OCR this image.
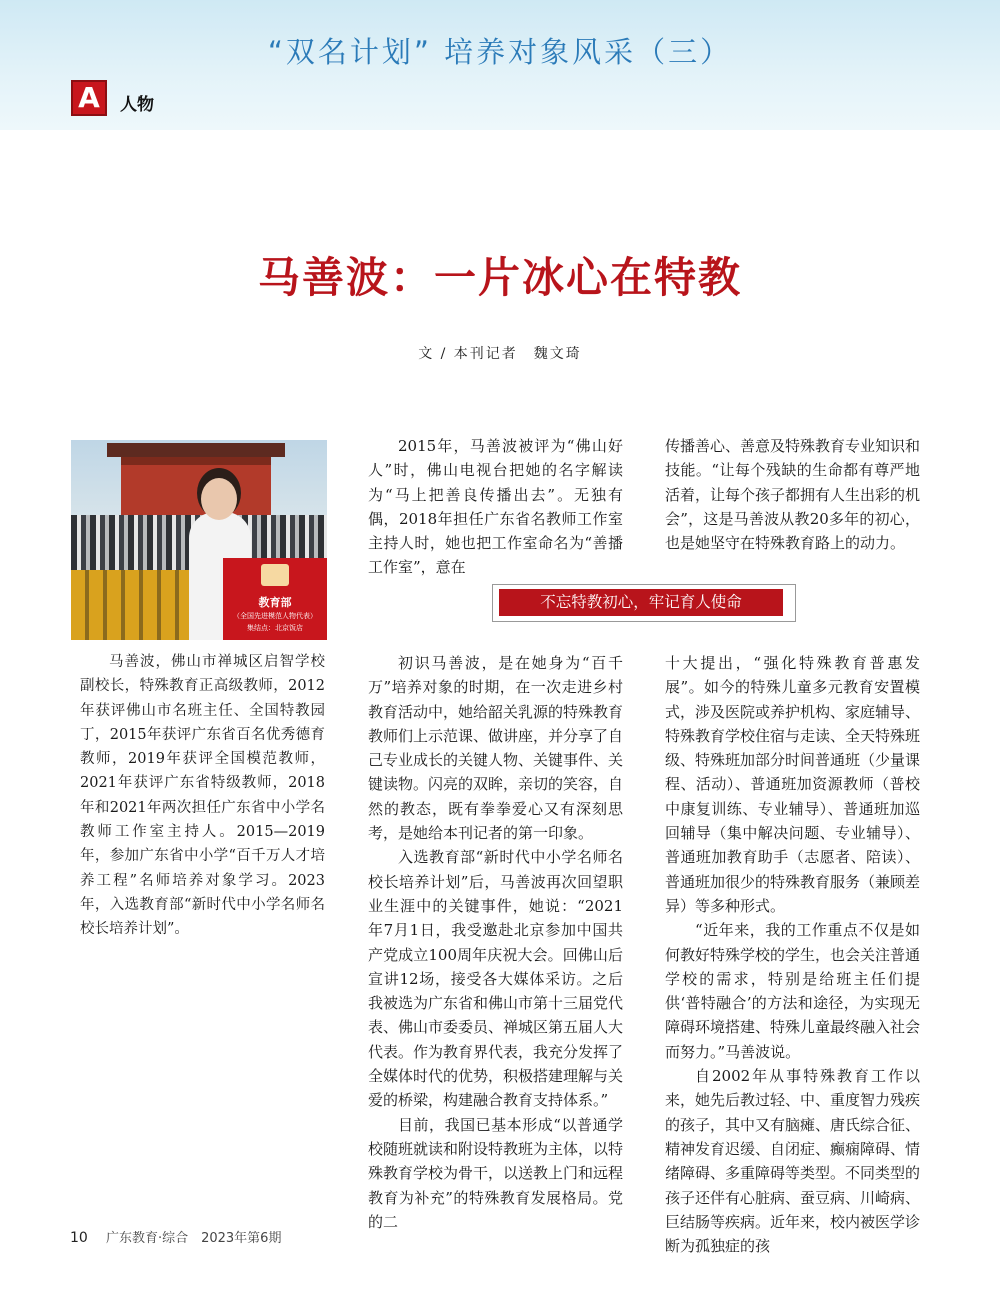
“双名计划” 培养对象风采（三）
A	人物
马善波：一片冰心在特教
文 / 本刊记者　魏文琦
教育部
（全国先进模范人物代表）
集结点：北京饭店

马善波，佛山市禅城区启智学校副校长，特殊教育正高级教师，2012年获评佛山市名班主任、全国特教园丁，2015年获评广东省百名优秀德育教师，2019年获评全国模范教师，2021年获评广东省特级教师，2018年和2021年两次担任广东省中小学名教师工作室主持人。2015—2019年，参加广东省中小学“百千万人才培养工程”名师培养对象学习。2023年，入选教育部“新时代中小学名师名校长培养计划”。

2015年，马善波被评为“佛山好人”时，佛山电视台把她的名字解读为“马上把善良传播出去”。无独有偶，2018年担任广东省名教师工作室主持人时，她也把工作室命名为“善播工作室”，意在

传播善心、善意及特殊教育专业知识和技能。“让每个残缺的生命都有尊严地活着，让每个孩子都拥有人生出彩的机会”，这是马善波从教20多年的初心，也是她坚守在特殊教育路上的动力。

不忘特教初心，牢记育人使命

初识马善波，是在她身为“百千万”培养对象的时期，在一次走进乡村教育活动中，她给韶关乳源的特殊教育教师们上示范课、做讲座，并分享了自己专业成长的关键人物、关键事件、关键读物。闪亮的双眸，亲切的笑容，自然的教态，既有拳拳爱心又有深刻思考，是她给本刊记者的第一印象。

入选教育部“新时代中小学名师名校长培养计划”后，马善波再次回望职业生涯中的关键事件，她说：“2021年7月1日，我受邀赴北京参加中国共产党成立100周年庆祝大会。回佛山后宣讲12场，接受各大媒体采访。之后我被选为广东省和佛山市第十三届党代表、佛山市委委员、禅城区第五届人大代表。作为教育界代表，我充分发挥了全媒体时代的优势，积极搭建理解与关爱的桥梁，构建融合教育支持体系。”

目前，我国已基本形成“以普通学校随班就读和附设特教班为主体，以特殊教育学校为骨干，以送教上门和远程教育为补充”的特殊教育发展格局。党的二

十大提出，“强化特殊教育普惠发展”。如今的特殊儿童多元教育安置模式，涉及医院或养护机构、家庭辅导、特殊教育学校住宿与走读、全天特殊班级、特殊班加部分时间普通班（少量课程、活动）、普通班加资源教师（普校中康复训练、专业辅导）、普通班加巡回辅导（集中解决问题、专业辅导）、普通班加教育助手（志愿者、陪读）、普通班加很少的特殊教育服务（兼顾差异）等多种形式。

“近年来，我的工作重点不仅是如何教好特殊学校的学生，也会关注普通学校的需求，特别是给班主任们提供‘普特融合’的方法和途径，为实现无障碍环境搭建、特殊儿童最终融入社会而努力。”马善波说。

自2002年从事特殊教育工作以来，她先后教过轻、中、重度智力残疾的孩子，其中又有脑瘫、唐氏综合征、精神发育迟缓、自闭症、癫痫障碍、情绪障碍、多重障碍等类型。不同类型的孩子还伴有心脏病、蚕豆病、川崎病、巨结肠等疾病。近年来，校内被医学诊断为孤独症的孩

10 广东教育·综合　2023年第6期
